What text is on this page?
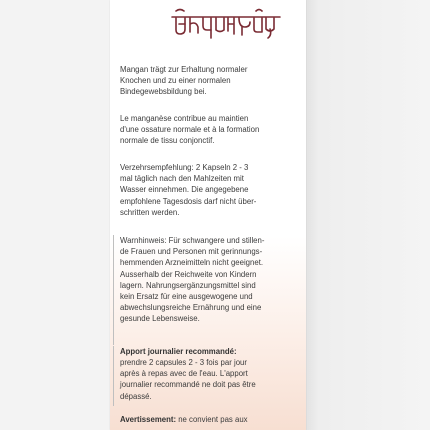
Mangan trägt zur Erhaltung normaler
Knochen und zu einer normalen
Bindegewebsbildung bei.

Le manganèse contribue au maintien
d'une ossature normale et à la formation
normale de tissu conjonctif.

Verzehrsempfehlung: 2 Kapseln 2 - 3
mal täglich nach den Mahlzeiten mit
Wasser einnehmen. Die angegebene
empfohlene Tagesdosis darf nicht über-
schritten werden.

Warnhinweis: Für schwangere und stillen-
de Frauen und Personen mit gerinnungs-
hemmenden Arzneimitteln nicht geeignet.
Ausserhalb der Reichweite von Kindern
lagern. Nahrungsergänzungsmittel sind
kein Ersatz für eine ausgewogene und
abwechslungsreiche Ernährung und eine
gesunde Lebensweise.

Apport journalier recommandé:

prendre 2 capsules 2 - 3 fois par jour
après à repas avec de l'eau. L'apport
journalier recommandé ne doit pas être
dépassé.

Avertissement: ne convient pas aux
